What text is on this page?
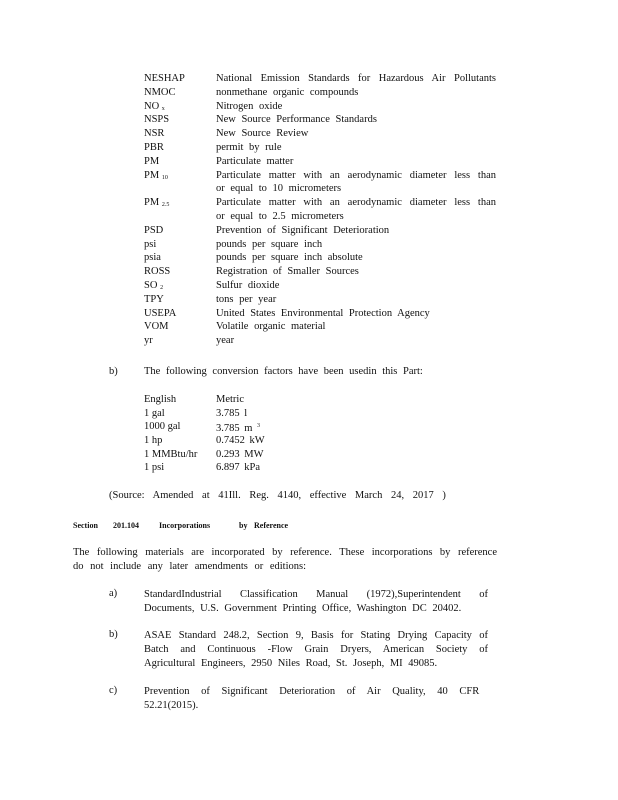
NESHAP	National Emission Standards for Hazardous Air Pollutants
NMOC	nonmethane organic compounds
NO $_x$	Nitrogen oxide
NSPS	New Source Performance Standards
NSR	New Source Review
PBR	permit by rule
PM	Particulate matter
PM $_{10}$	Particulate matter with an aerodynamic diameter less than
or equal to 10 micrometers
PM $_{2.5}$	Particulate matter with an aerodynamic diameter less than
or equal to 2.5 micrometers
PSD	Prevention of Significant Deterioration
psi	pounds per square inch
psia	pounds per square inch absolute
ROSS	Registration of Smaller Sources
SO $_2$	Sulfur dioxide
TPY	tons per year
USEPA	United States Environmental Protection Agency
VOM	Volatile organic material
yr	year
b)	The following conversion factors have been usedin this Part:
English	Metric
1 gal	3.785 l
1000 gal	3.785 m $^3$
1 hp	0.7452 kW
1 MMBtu/hr	0.293 MW
1 psi	6.897 kPa
(Source: Amended at 41Ill. Reg. 4140, effective March 24, 2017 )
Section 201.104	Incorporations	by Reference
The following materials are incorporated by reference. These incorporations by reference
do not include any later amendments or editions:
a)	StandardIndustrial Classification Manual (1972),Superintendent of
Documents, U.S. Government Printing Office, Washington DC 20402.
b)	ASAE Standard 248.2, Section 9, Basis for Stating Drying Capacity of
Batch and Continuous -Flow Grain Dryers, American Society of
Agricultural Engineers, 2950 Niles Road, St. Joseph, MI 49085.
c)	Prevention of Significant Deterioration of Air Quality, 40 CFR
52.21(2015).
